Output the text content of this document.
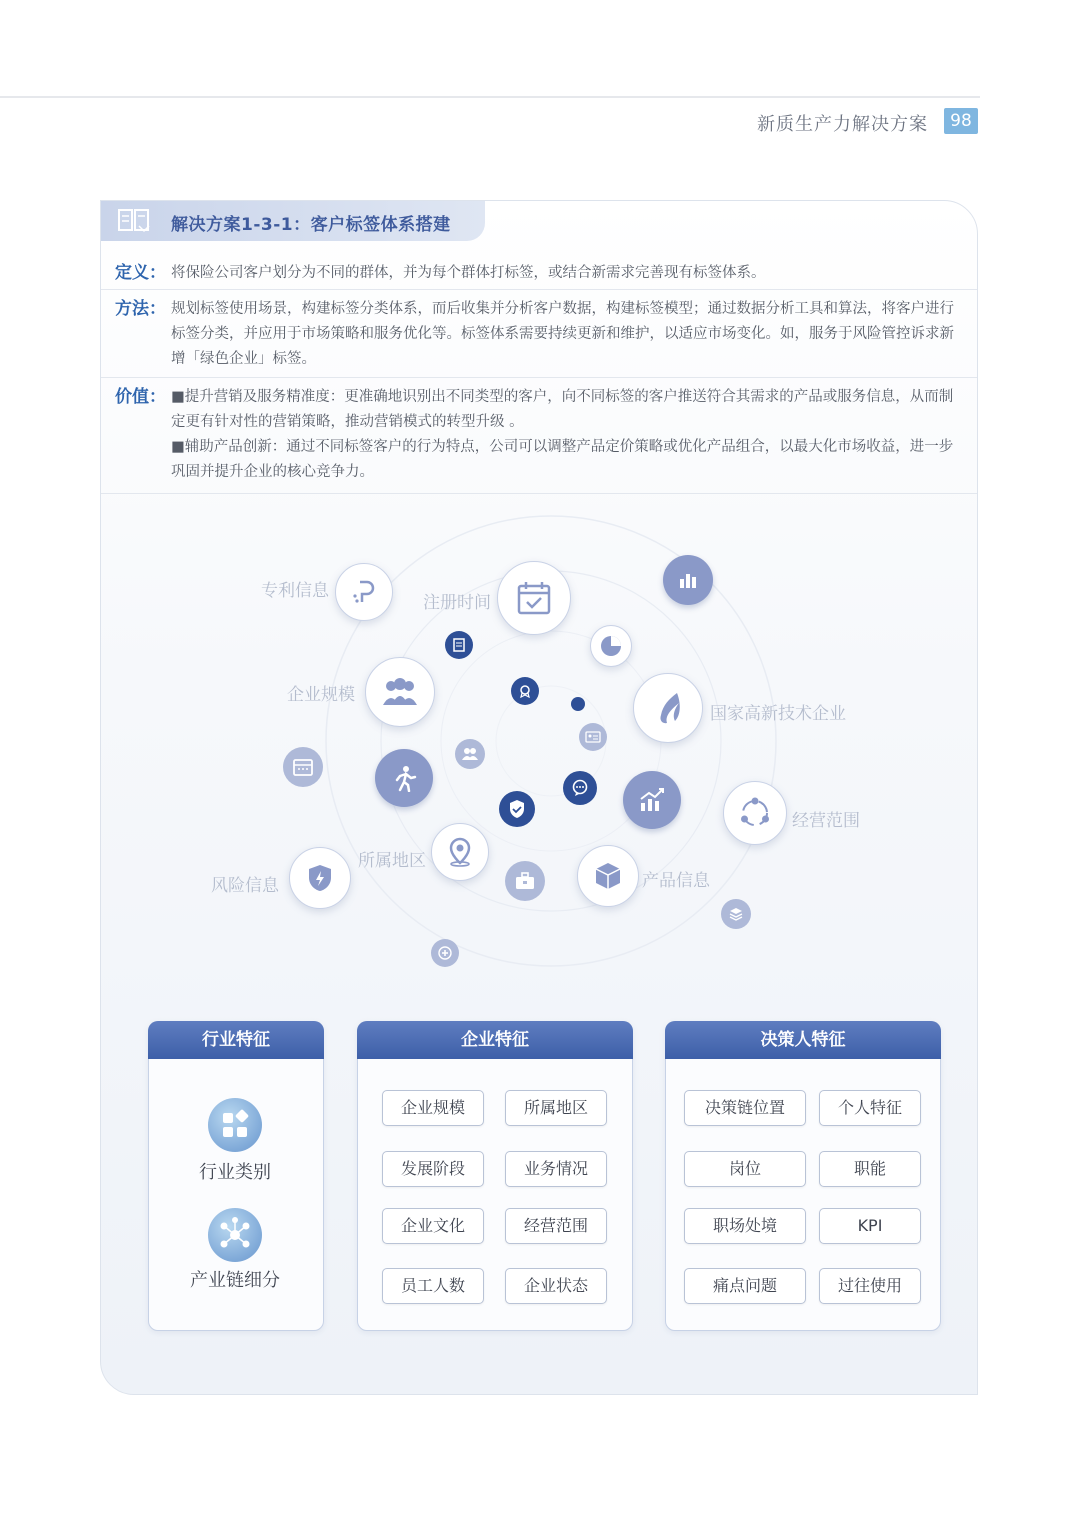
新质生产力解决方案	98
解决方案1-3-1：客户标签体系搭建
定义： 将保险公司客户划分为不同的群体，并为每个群体打标签，或结合新需求完善现有标签体系。
方法： 规划标签使用场景，构建标签分类体系，而后收集并分析客户数据，构建标签模型；通过数据分析工具和算法，将客户进行标签分类，并应用于市场策略和服务优化等。标签体系需要持续更新和维护，以适应市场变化。如，服务于风险管控诉求新增「绿色企业」标签。
价值： ■提升营销及服务精准度：更准确地识别出不同类型的客户，向不同标签的客户推送符合其需求的产品或服务信息，从而制定更有针对性的营销策略，推动营销模式的转型升级 。
■辅助产品创新：通过不同标签客户的行为特点，公司可以调整产品定价策略或优化产品组合，以最大化市场收益，进一步巩固并提升企业的核心竞争力。
专利信息
注册时间
企业规模
国家高新技术企业
经营范围
所属地区
风险信息	产品信息
行业特征
行业类别
产业链细分
企业特征
企业规模	所属地区
发展阶段	业务情况
企业文化	经营范围
员工人数	企业状态
决策人特征
决策链位置	个人特征
岗位	职能
职场处境	KPI
痛点问题	过往使用
